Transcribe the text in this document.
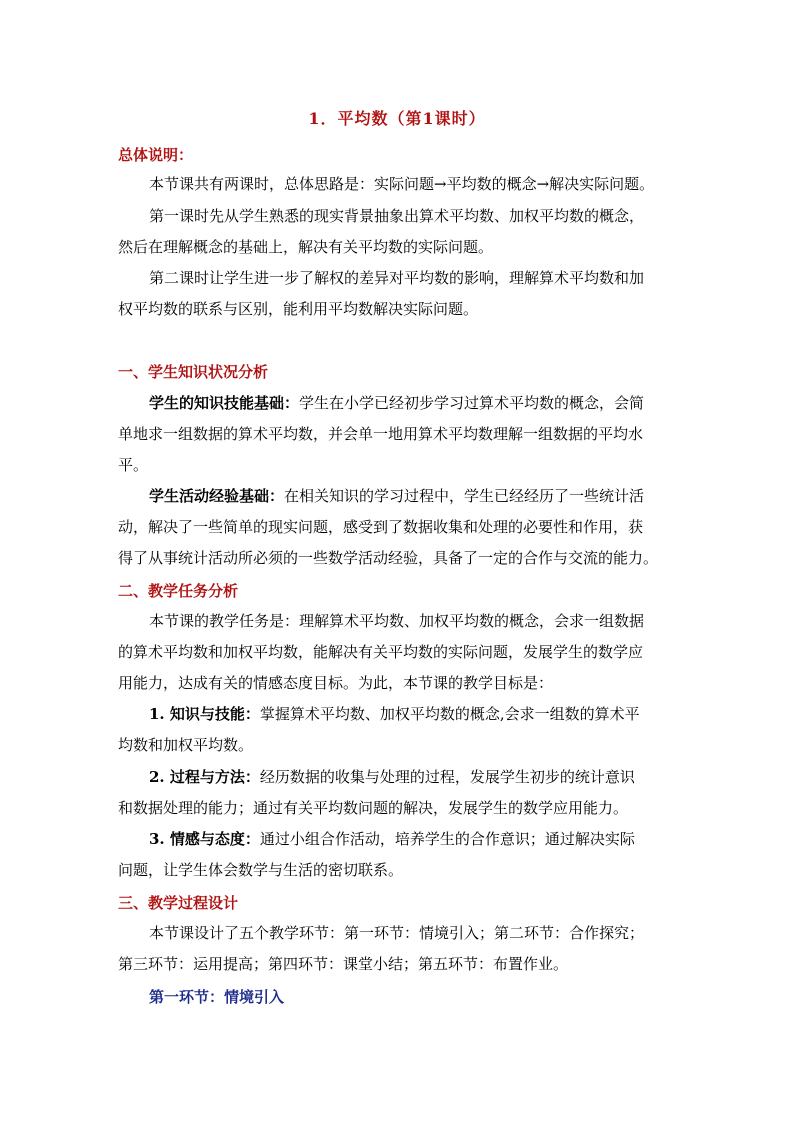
1．平均数（第1课时）
总体说明：
本节课共有两课时，总体思路是：实际问题→平均数的概念→解决实际问题。
第一课时先从学生熟悉的现实背景抽象出算术平均数、加权平均数的概念，
然后在理解概念的基础上，解决有关平均数的实际问题。
第二课时让学生进一步了解权的差异对平均数的影响，理解算术平均数和加
权平均数的联系与区别，能利用平均数解决实际问题。
一、学生知识状况分析
学生的知识技能基础：学生在小学已经初步学习过算术平均数的概念，会简
单地求一组数据的算术平均数，并会单一地用算术平均数理解一组数据的平均水
平。
学生活动经验基础：在相关知识的学习过程中，学生已经经历了一些统计活
动，解决了一些简单的现实问题，感受到了数据收集和处理的必要性和作用，获
得了从事统计活动所必须的一些数学活动经验，具备了一定的合作与交流的能力。
二、教学任务分析
本节课的教学任务是：理解算术平均数、加权平均数的概念，会求一组数据
的算术平均数和加权平均数，能解决有关平均数的实际问题，发展学生的数学应
用能力，达成有关的情感态度目标。为此，本节课的教学目标是：
1. 知识与技能：掌握算术平均数、加权平均数的概念,会求一组数的算术平
均数和加权平均数。
2. 过程与方法：经历数据的收集与处理的过程，发展学生初步的统计意识
和数据处理的能力；通过有关平均数问题的解决，发展学生的数学应用能力。
3. 情感与态度：通过小组合作活动，培养学生的合作意识；通过解决实际
问题，让学生体会数学与生活的密切联系。
三、教学过程设计
本节课设计了五个教学环节：第一环节：情境引入；第二环节：合作探究；
第三环节：运用提高；第四环节：课堂小结；第五环节：布置作业。
第一环节：情境引入
